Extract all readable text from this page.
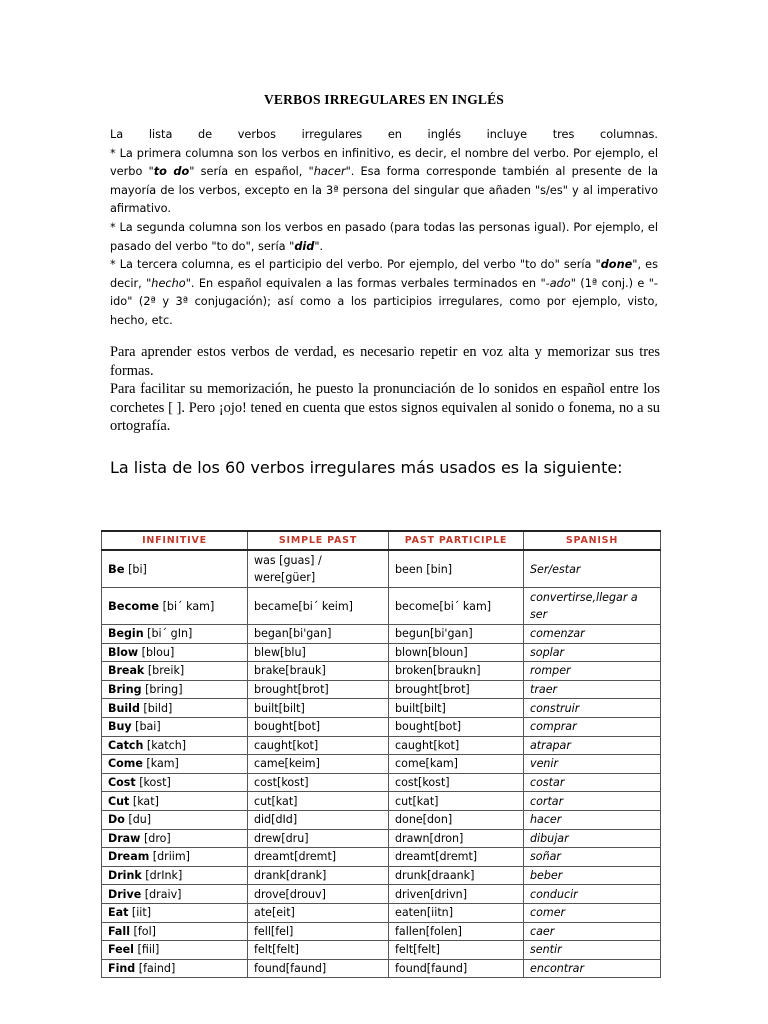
VERBOS IRREGULARES EN INGLÉS

La lista de verbos irregulares en inglés incluye tres columnas.

* La primera columna son los verbos en infinitivo, es decir, el nombre del verbo. Por ejemplo, el verbo "to do" sería en español, "hacer". Esa forma corresponde también al presente de la mayoría de los verbos, excepto en la 3ª persona del singular que añaden "s/es" y al imperativo afirmativo.

* La segunda columna son los verbos en pasado (para todas las personas igual). Por ejemplo, el pasado del verbo "to do", sería "did".

* La tercera columna, es el participio del verbo. Por ejemplo, del verbo "to do" sería "done", es decir, "hecho". En español equivalen a las formas verbales terminados en "-ado" (1ª conj.) e "-ido" (2ª y 3ª conjugación); así como a los participios irregulares, como por ejemplo, visto, hecho, etc.

Para aprender estos verbos de verdad, es necesario repetir en voz alta y memorizar sus tres formas.

Para facilitar su memorización, he puesto la pronunciación de lo sonidos en español entre los corchetes [ ]. Pero ¡ojo! tened en cuenta que estos signos equivalen al sonido o fonema, no a su ortografía.

La lista de los 60 verbos irregulares más usados es la siguiente:
INFINITIVE	SIMPLE PAST	PAST PARTICIPLE	SPANISH
Be [bi]	was [guas] / were[güer]	been [bin]	Ser/estar
Become [bi´ kam]	became[bi´ keim]	become[bi´ kam]	convertirse,llegar a ser
Begin [bi´ gIn]	began[bi'gan]	begun[bi'gan]	comenzar
Blow [blou]	blew[blu]	blown[bloun]	soplar
Break [breik]	brake[brauk]	broken[braukn]	romper
Bring [bring]	brought[brot]	brought[brot]	traer
Build [bild]	built[bilt]	built[bilt]	construir
Buy [bai]	bought[bot]	bought[bot]	comprar
Catch [katch]	caught[kot]	caught[kot]	atrapar
Come [kam]	came[keim]	come[kam]	venir
Cost [kost]	cost[kost]	cost[kost]	costar
Cut [kat]	cut[kat]	cut[kat]	cortar
Do [du]	did[dId]	done[don]	hacer
Draw [dro]	drew[dru]	drawn[dron]	dibujar
Dream [driim]	dreamt[dremt]	dreamt[dremt]	soñar
Drink [drInk]	drank[drank]	drunk[draank]	beber
Drive [draiv]	drove[drouv]	driven[drivn]	conducir
Eat [iit]	ate[eit]	eaten[iitn]	comer
Fall [fol]	fell[fel]	fallen[folen]	caer
Feel [fiil]	felt[felt]	felt[felt]	sentir
Find [faind]	found[faund]	found[faund]	encontrar
